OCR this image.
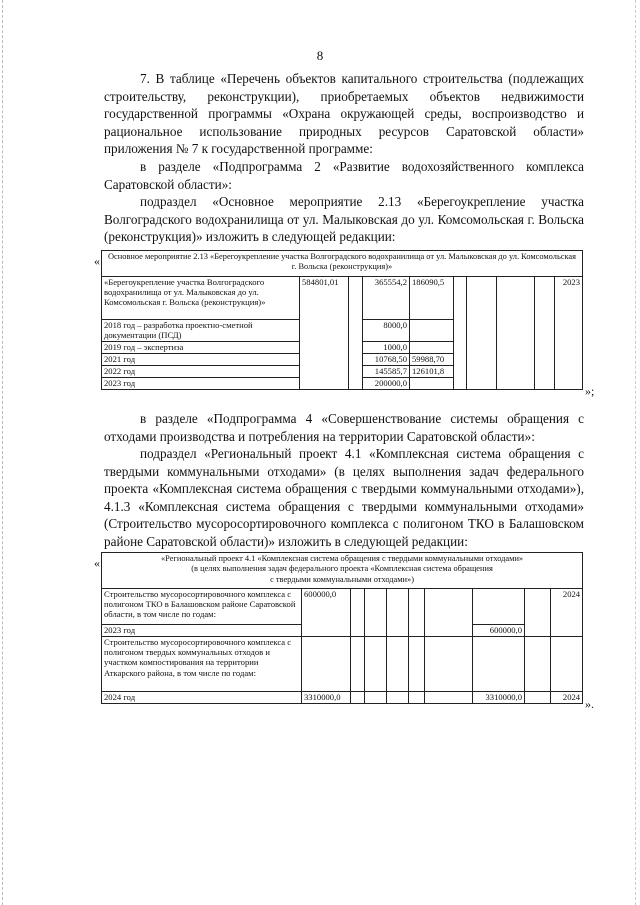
8

7. В таблице «Перечень объектов капитального строительства (подлежащих строительству, реконструкции), приобретаемых объектов недвижимости государственной программы «Охрана окружающей среды, воспроизводство и рациональное использование природных ресурсов Саратовской области» приложения № 7 к государственной программе:

в разделе «Подпрограмма 2 «Развитие водохозяйственного комплекса Саратовской области»:

подраздел «Основное мероприятие 2.13 «Берегоукрепление участка Волгоградского водохранилища от ул. Малыковская до ул. Комсомольская г. Вольска (реконструкция)» изложить в следующей редакции:

« Основное мероприятие 2.13 «Берегоукрепление участка Волгоградского водохранилища от ул. Малыковская до ул. Комсомольская г. Вольска (реконструкция)»									
«Берегоукрепление участка Волгоградского водохранилища от ул. Малыковская до ул. Комсомольская г. Вольска (реконструкция)»	584801,01		365554,2	186090,5					2023
2018 год – разработка проектно-сметной документации (ПСД)			8000,0						
2019 год – экспертиза			1000,0						
2021 год			10768,50	59988,70					
2022 год			145585,7	126101,8					
2023 год			200000,0						
»;

в разделе «Подпрограмма 4 «Совершенствование системы обращения с отходами производства и потребления на территории Саратовской области»:

подраздел «Региональный проект 4.1 «Комплексная система обращения с твердыми коммунальными отходами» (в целях выполнения задач федерального проекта «Комплексная система обращения с твердыми коммунальными отходами»), 4.1.3 «Комплексная система обращения с твердыми коммунальными отходами» (Строительство мусоросортировочного комплекса с полигоном ТКО в Балашовском районе Саратовской области)» изложить в следующей редакции:

«	«Региональный проект 4.1 «Комплексная система обращения с твердыми коммунальными отходами»
(в целях выполнения задач федерального проекта «Комплексная система обращения
с твердыми коммунальными отходами»)									
Строительство мусоросортировочного комплекса с полигоном ТКО в Балашовском районе Саратовской области, в том числе по годам:	600000,0								2024
2023 год							600000,0		
Строительство мусоросортировочного комплекса с полигоном твердых коммунальных отходов и участком компостирования на территории Аткарского района, в том числе по годам:									
2024 год	3310000,0						3310000,0		2024 ».
